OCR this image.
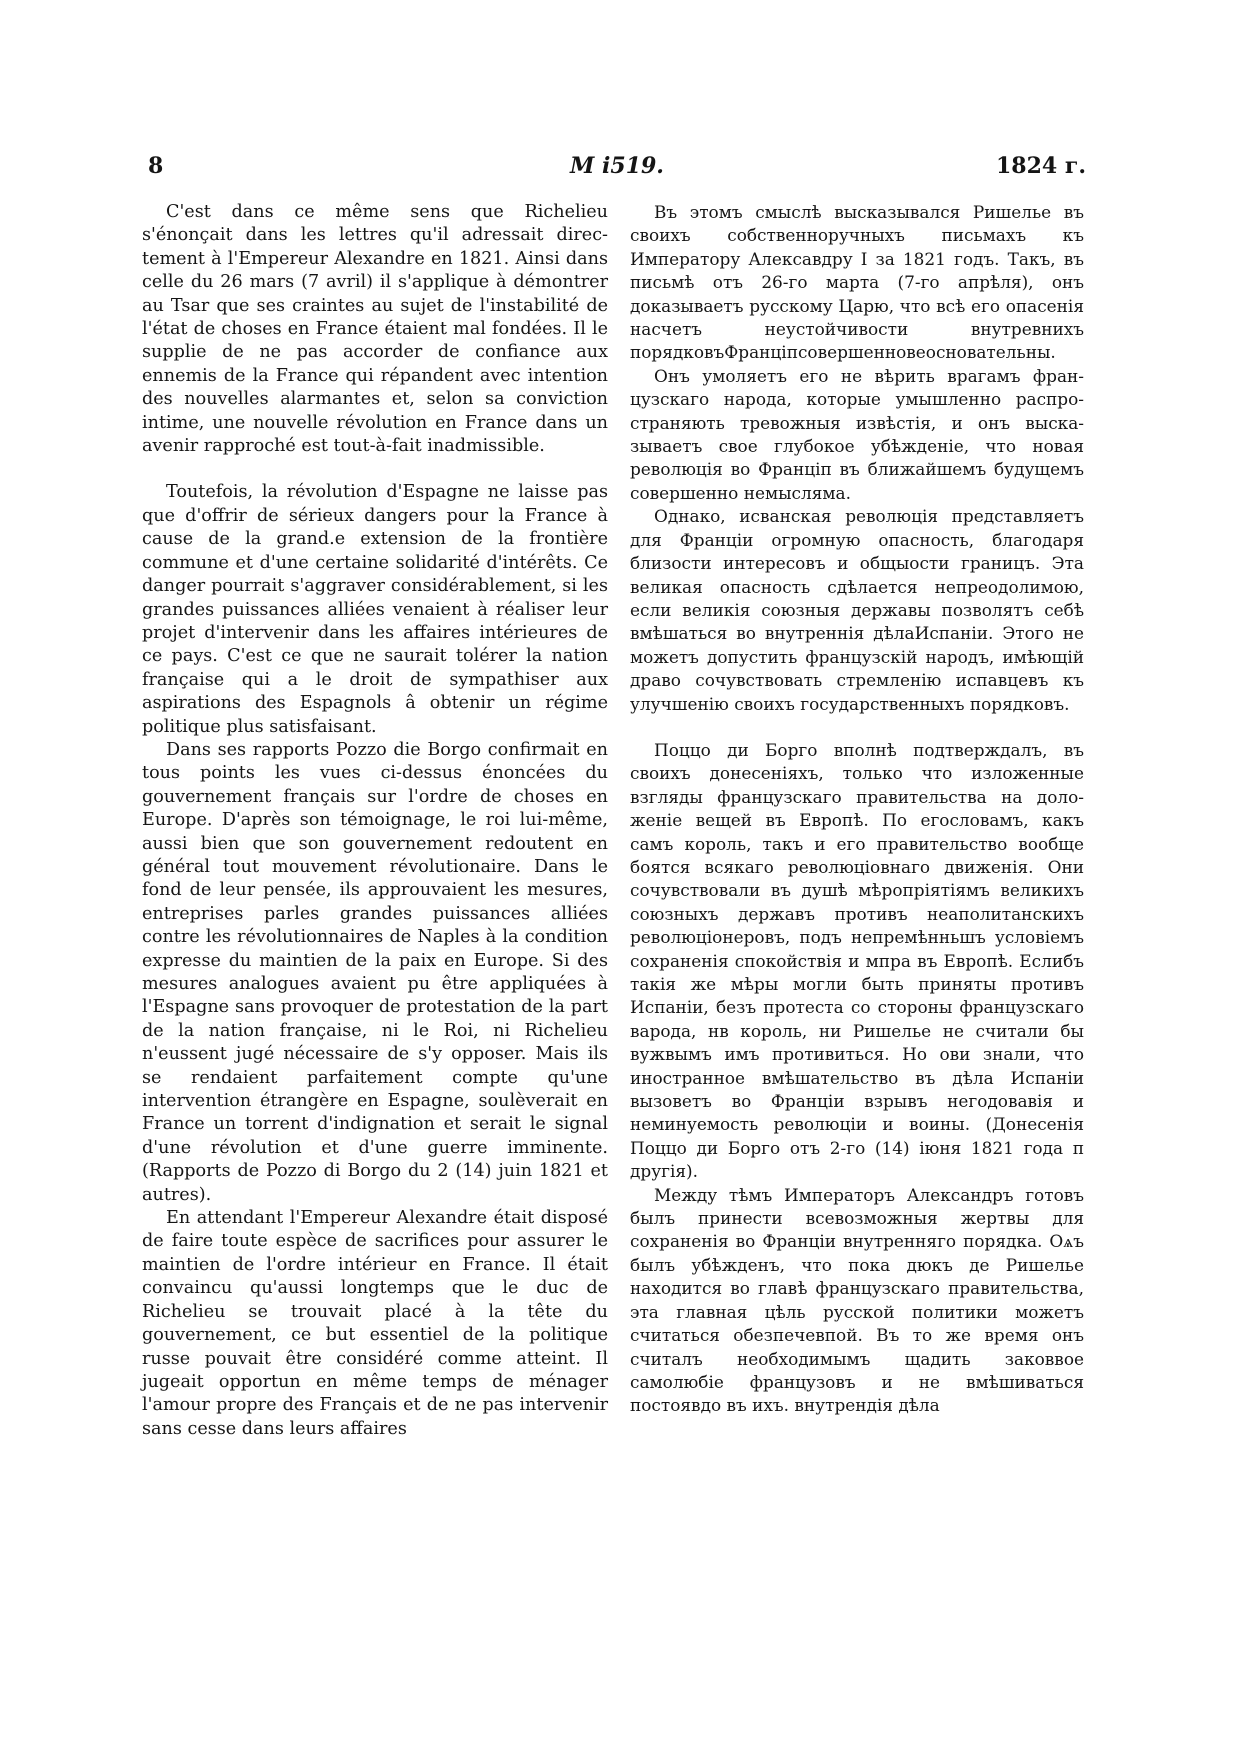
8	M i519.	1824 г.

C'est dans ce même sens que Richelieu s'énonçait dans les lettres qu'il adressait directement à l'Empereur Alexandre en 1821. Ainsi dans celle du 26 mars (7 avril) il s'applique à démontrer au Tsar que ses craintes au sujet de l'instabilité de l'état de choses en France étaient mal fondées. Il le supplie de ne pas accorder de confiance aux ennemis de la France qui répandent avec intention des nouvelles alarmantes et, selon sa conviction intime, une nouvelle révolution en France dans un avenir rapproché est tout-à-fait inadmissible.

Toutefois, la révolution d'Espagne ne laisse pas que d'offrir de sérieux dangers pour la France à cause de la grand.e extension de la frontière commune et d'une certaine solidarité d'intérêts. Ce danger pourrait s'aggraver considérablement, si les grandes puissances alliées venaient à réaliser leur projet d'intervenir dans les affaires intérieures de ce pays. C'est ce que ne saurait tolérer la nation française qui a le droit de sympathiser aux aspirations des Espagnols â obtenir un régime politique plus satisfaisant.

Dans ses rapports Pozzo die Borgo confirmait en tous points les vues ci-dessus énoncées du gouvernement français sur l'ordre de choses en Europe. D'après son témoignage, le roi lui-même, aussi bien que son gouvernement redoutent en général tout mouvement révolutionaire. Dans le fond de leur pensée, ils approuvaient les mesures, entreprises parles grandes puissances alliées contre les révolutionnaires de Naples à la condition expresse du maintien de la paix en Europe. Si des mesures analogues avaient pu être appliquées à l'Espagne sans provoquer de protestation de la part de la nation française, ni le Roi, ni Richelieu n'eussent jugé nécessaire de s'y opposer. Mais ils se rendaient parfaitement compte qu'une intervention étrangère en Espagne, soulèverait en France un torrent d'indignation et serait le signal d'une révolution et d'une guerre imminente. (Rapports de Pozzo di Borgo du 2 (14) juin 1821 et autres).

En attendant l'Empereur Alexandre était disposé de faire toute espèce de sacrifices pour assurer le maintien de l'ordre intérieur en France. Il était convaincu qu'aussi longtemps que le duc de Richelieu se trouvait placé à la tête du gouvernement, ce but essentiel de la politique russe pouvait être considéré comme atteint. Il jugeait opportun en même temps de ménager l'amour propre des Français et de ne pas intervenir sans cesse dans leurs affaires

Въ этомъ смыслѣ высказывался Ришелье въ своихъ собственноручныхъ письмахъ къ Императору Алексавдру I за 1821 годъ. Такъ, въ письмѣ отъ 26-го марта (7-го апрѣля), онъ доказываетъ русскому Царю, что всѣ его опасенія насчетъ неустойчивости внутревнихъ порядковъФранціпсовершенновеосновательны.

Онъ умоляетъ его не вѣрить врагамъ французскаго народа, которые умышленно распространяють тревожныя извѣстія, и онъ высказываетъ свое глубокое убѣжденіе, что новая революція во Франціп въ ближайшемъ будущемъ совершенно немысляма.

Однако, исванская революція представляетъ для Франціи огромную опасность, благодаря близости интересовъ и общыости границъ. Эта великая опасность сдѣлается непреодолимою, если великія союзныя державы позволятъ себѣ вмѣшаться во внутреннія дѣлаИспаніи. Этого не можетъ допустить французскій народъ, имѣющій драво сочувствовать стремленію испавцевъ къ улучшенію своихъ государственныхъ порядковъ.

Поццо ди Борго вполнѣ подтверждалъ, въ своихъ донесеніяхъ, только что изложенные взгляды французскаго правительства на доложеніе вещей въ Европѣ. По егословамъ, какъ самъ король, такъ и его правительство вообще боятся всякаго революціовнаго движенія. Они сочувствовали въ душѣ мѣропріятіямъ великихъ союзныхъ державъ противъ неаполитанскихъ революціонеровъ, подъ непремѣнньшъ условіемъ сохраненія спокойствія и мпра въ Европѣ. Еслибъ такія же мѣры могли быть приняты противъ Испаніи, безъ протеста со стороны французскаго варода, нв король, ни Ришелье не считали бы вужвымъ имъ противиться. Но ови знали, что иностранное вмѣшательство въ дѣла Испаніи вызоветъ во Франціи взрывъ негодовавія и неминуемость революціи и воины. (Донесенія Поццо ди Борго отъ 2-го (14) іюня 1821 года п другія).

Между тѣмъ Императоръ Александръ готовъ былъ принести всевозможныя жертвы для сохраненія во Франціи внутренняго порядка. Оѧъ былъ убѣжденъ, что пока дюкъ де Ришелье находится во главѣ французскаго правительства, эта главная цѣль русской политики можетъ считаться обезпечевпой. Въ то же время онъ считалъ необходимымъ щадить заковвое самолюбіе французовъ и не вмѣшиваться постоявдо въ ихъ. внутрендія дѣла
